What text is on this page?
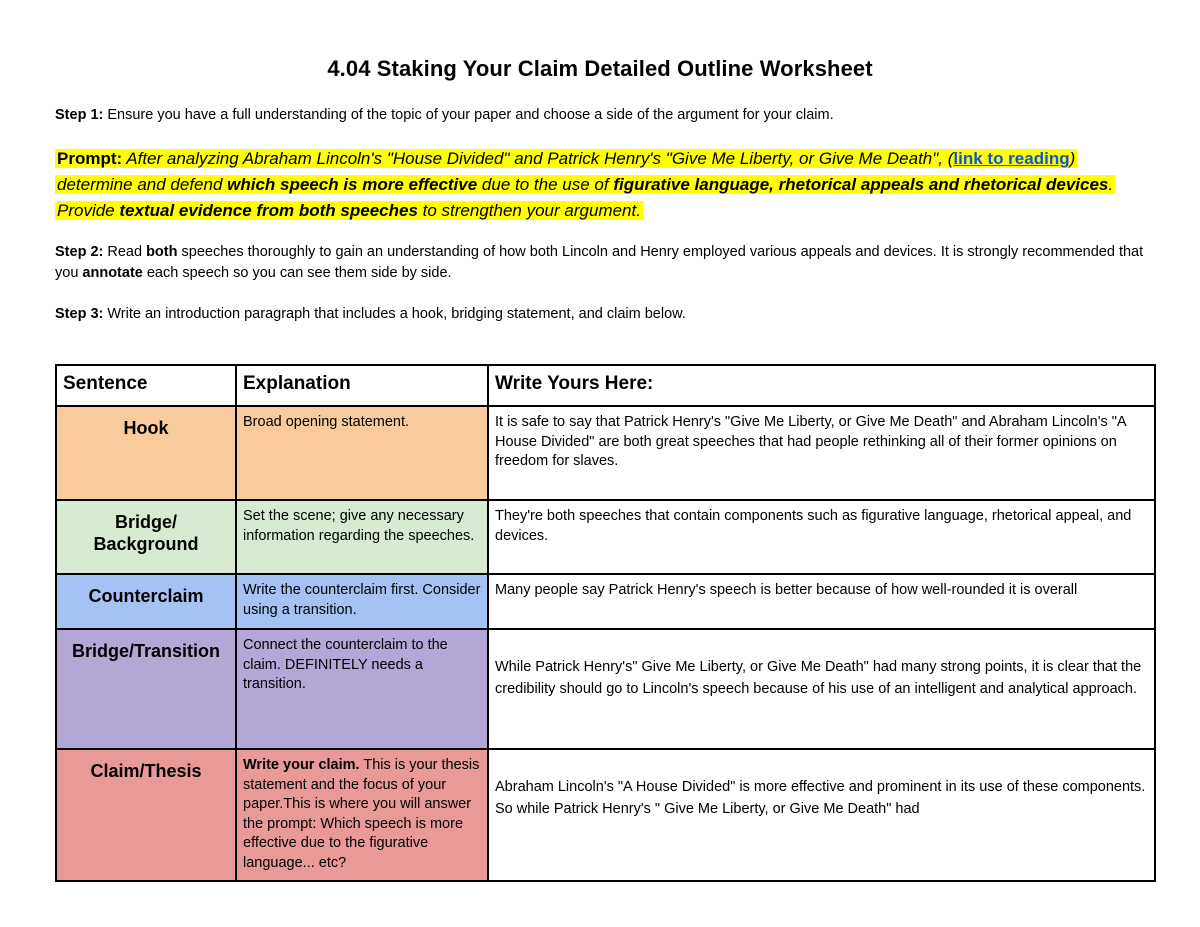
4.04 Staking Your Claim Detailed Outline Worksheet

Step 1: Ensure you have a full understanding of the topic of your paper and choose a side of the argument for your claim.

Prompt: After analyzing Abraham Lincoln's "House Divided" and Patrick Henry's "Give Me Liberty, or Give Me Death", (link to reading) determine and defend which speech is more effective due to the use of figurative language, rhetorical appeals and rhetorical devices. Provide textual evidence from both speeches to strengthen your argument.

Step 2: Read both speeches thoroughly to gain an understanding of how both Lincoln and Henry employed various appeals and devices. It is strongly recommended that you annotate each speech so you can see them side by side.

Step 3: Write an introduction paragraph that includes a hook, bridging statement, and claim below.

Sentence	Explanation	Write Yours Here:
Hook	Broad opening statement.	It is safe to say that Patrick Henry's "Give Me Liberty, or Give Me Death" and Abraham Lincoln's "A House Divided" are both great speeches that had people rethinking all of their former opinions on freedom for slaves.
Bridge/ Background	Set the scene; give any necessary information regarding the speeches.	They're both speeches that contain components such as figurative language, rhetorical appeal, and devices.
Counterclaim	Write the counterclaim first. Consider using a transition.	Many people say Patrick Henry's speech is better because of how well-rounded it is overall
Bridge/Transition	Connect the counterclaim to the claim. DEFINITELY needs a transition.	While Patrick Henry's" Give Me Liberty, or Give Me Death" had many strong points, it is clear that the credibility should go to Lincoln's speech because of his use of an intelligent and analytical approach.
Claim/Thesis	Write your claim. This is your thesis statement and the focus of your paper.This is where you will answer the prompt: Which speech is more effective due to the figurative language... etc?	Abraham Lincoln's "A House Divided" is more effective and prominent in its use of these components. So while Patrick Henry's " Give Me Liberty, or Give Me Death" had
